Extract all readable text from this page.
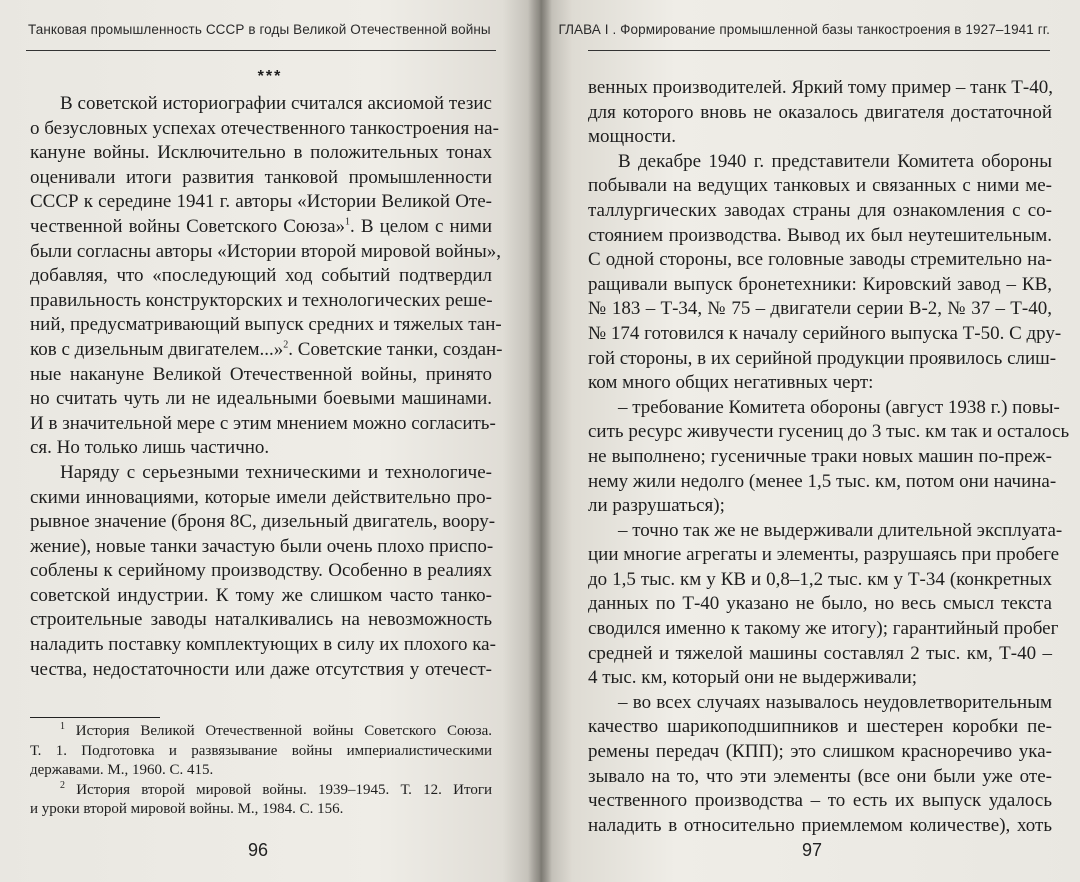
Танковая промышленность СССР в годы Великой Отечественной войны
***
В советской историографии считался аксиомой тезис
о безусловных успехах отечественного танкостроения на-
кануне войны. Исключительно в положительных тонах
оценивали итоги развития танковой промышленности
СССР к середине 1941 г. авторы «Истории Великой Оте-
чественной войны Советского Союза»$^1$. В целом с ними
были согласны авторы «Истории второй мировой войны»,
добавляя, что «последующий ход событий подтвердил
правильность конструкторских и технологических реше-
ний, предусматривающий выпуск средних и тяжелых тан-
ков с дизельным двигателем...»$^2$. Советские танки, создан-
ные накануне Великой Отечественной войны, принято
но считать чуть ли не идеальными боевыми машинами.
И в значительной мере с этим мнением можно согласить-
ся. Но только лишь частично.
Наряду с серьезными техническими и технологиче-
скими инновациями, которые имели действительно про-
рывное значение (броня 8С, дизельный двигатель, воору-
жение), новые танки зачастую были очень плохо приспо-
соблены к серийному производству. Особенно в реалиях
советской индустрии. К тому же слишком часто танко-
строительные заводы наталкивались на невозможность
наладить поставку комплектующих в силу их плохого ка-
чества, недостаточности или даже отсутствия у отечест-
$^1$ История Великой Отечественной войны Советского Союза.
Т. 1. Подготовка и развязывание войны империалистическими
державами. М., 1960. С. 415.
$^2$ История второй мировой войны. 1939–1945. Т. 12. Итоги
и уроки второй мировой войны. М., 1984. С. 156.
96
ГЛАВА I . Формирование промышленной базы танкостроения в 1927–1941 гг.
венных производителей. Яркий тому пример – танк Т-40,
для которого вновь не оказалось двигателя достаточной
мощности.
В декабре 1940 г. представители Комитета обороны
побывали на ведущих танковых и связанных с ними ме-
таллургических заводах страны для ознакомления с со-
стоянием производства. Вывод их был неутешительным.
С одной стороны, все головные заводы стремительно на-
ращивали выпуск бронетехники: Кировский завод – КВ,
№ 183 – Т-34, № 75 – двигатели серии В-2, № 37 – Т-40,
№ 174 готовился к началу серийного выпуска Т-50. С дру-
гой стороны, в их серийной продукции проявилось слиш-
ком много общих негативных черт:
– требование Комитета обороны (август 1938 г.) повы-
сить ресурс живучести гусениц до 3 тыс. км так и осталось
не выполнено; гусеничные траки новых машин по-преж-
нему жили недолго (менее 1,5 тыс. км, потом они начина-
ли разрушаться);
– точно так же не выдерживали длительной эксплуата-
ции многие агрегаты и элементы, разрушаясь при пробеге
до 1,5 тыс. км у КВ и 0,8–1,2 тыс. км у Т-34 (конкретных
данных по Т-40 указано не было, но весь смысл текста
сводился именно к такому же итогу); гарантийный пробег
средней и тяжелой машины составлял 2 тыс. км, Т-40 –
4 тыс. км, который они не выдерживали;
– во всех случаях называлось неудовлетворительным
качество шарикоподшипников и шестерен коробки пе-
ремены передач (КПП); это слишком красноречиво ука-
зывало на то, что эти элементы (все они были уже оте-
чественного производства – то есть их выпуск удалось
наладить в относительно приемлемом количестве), хоть
97
